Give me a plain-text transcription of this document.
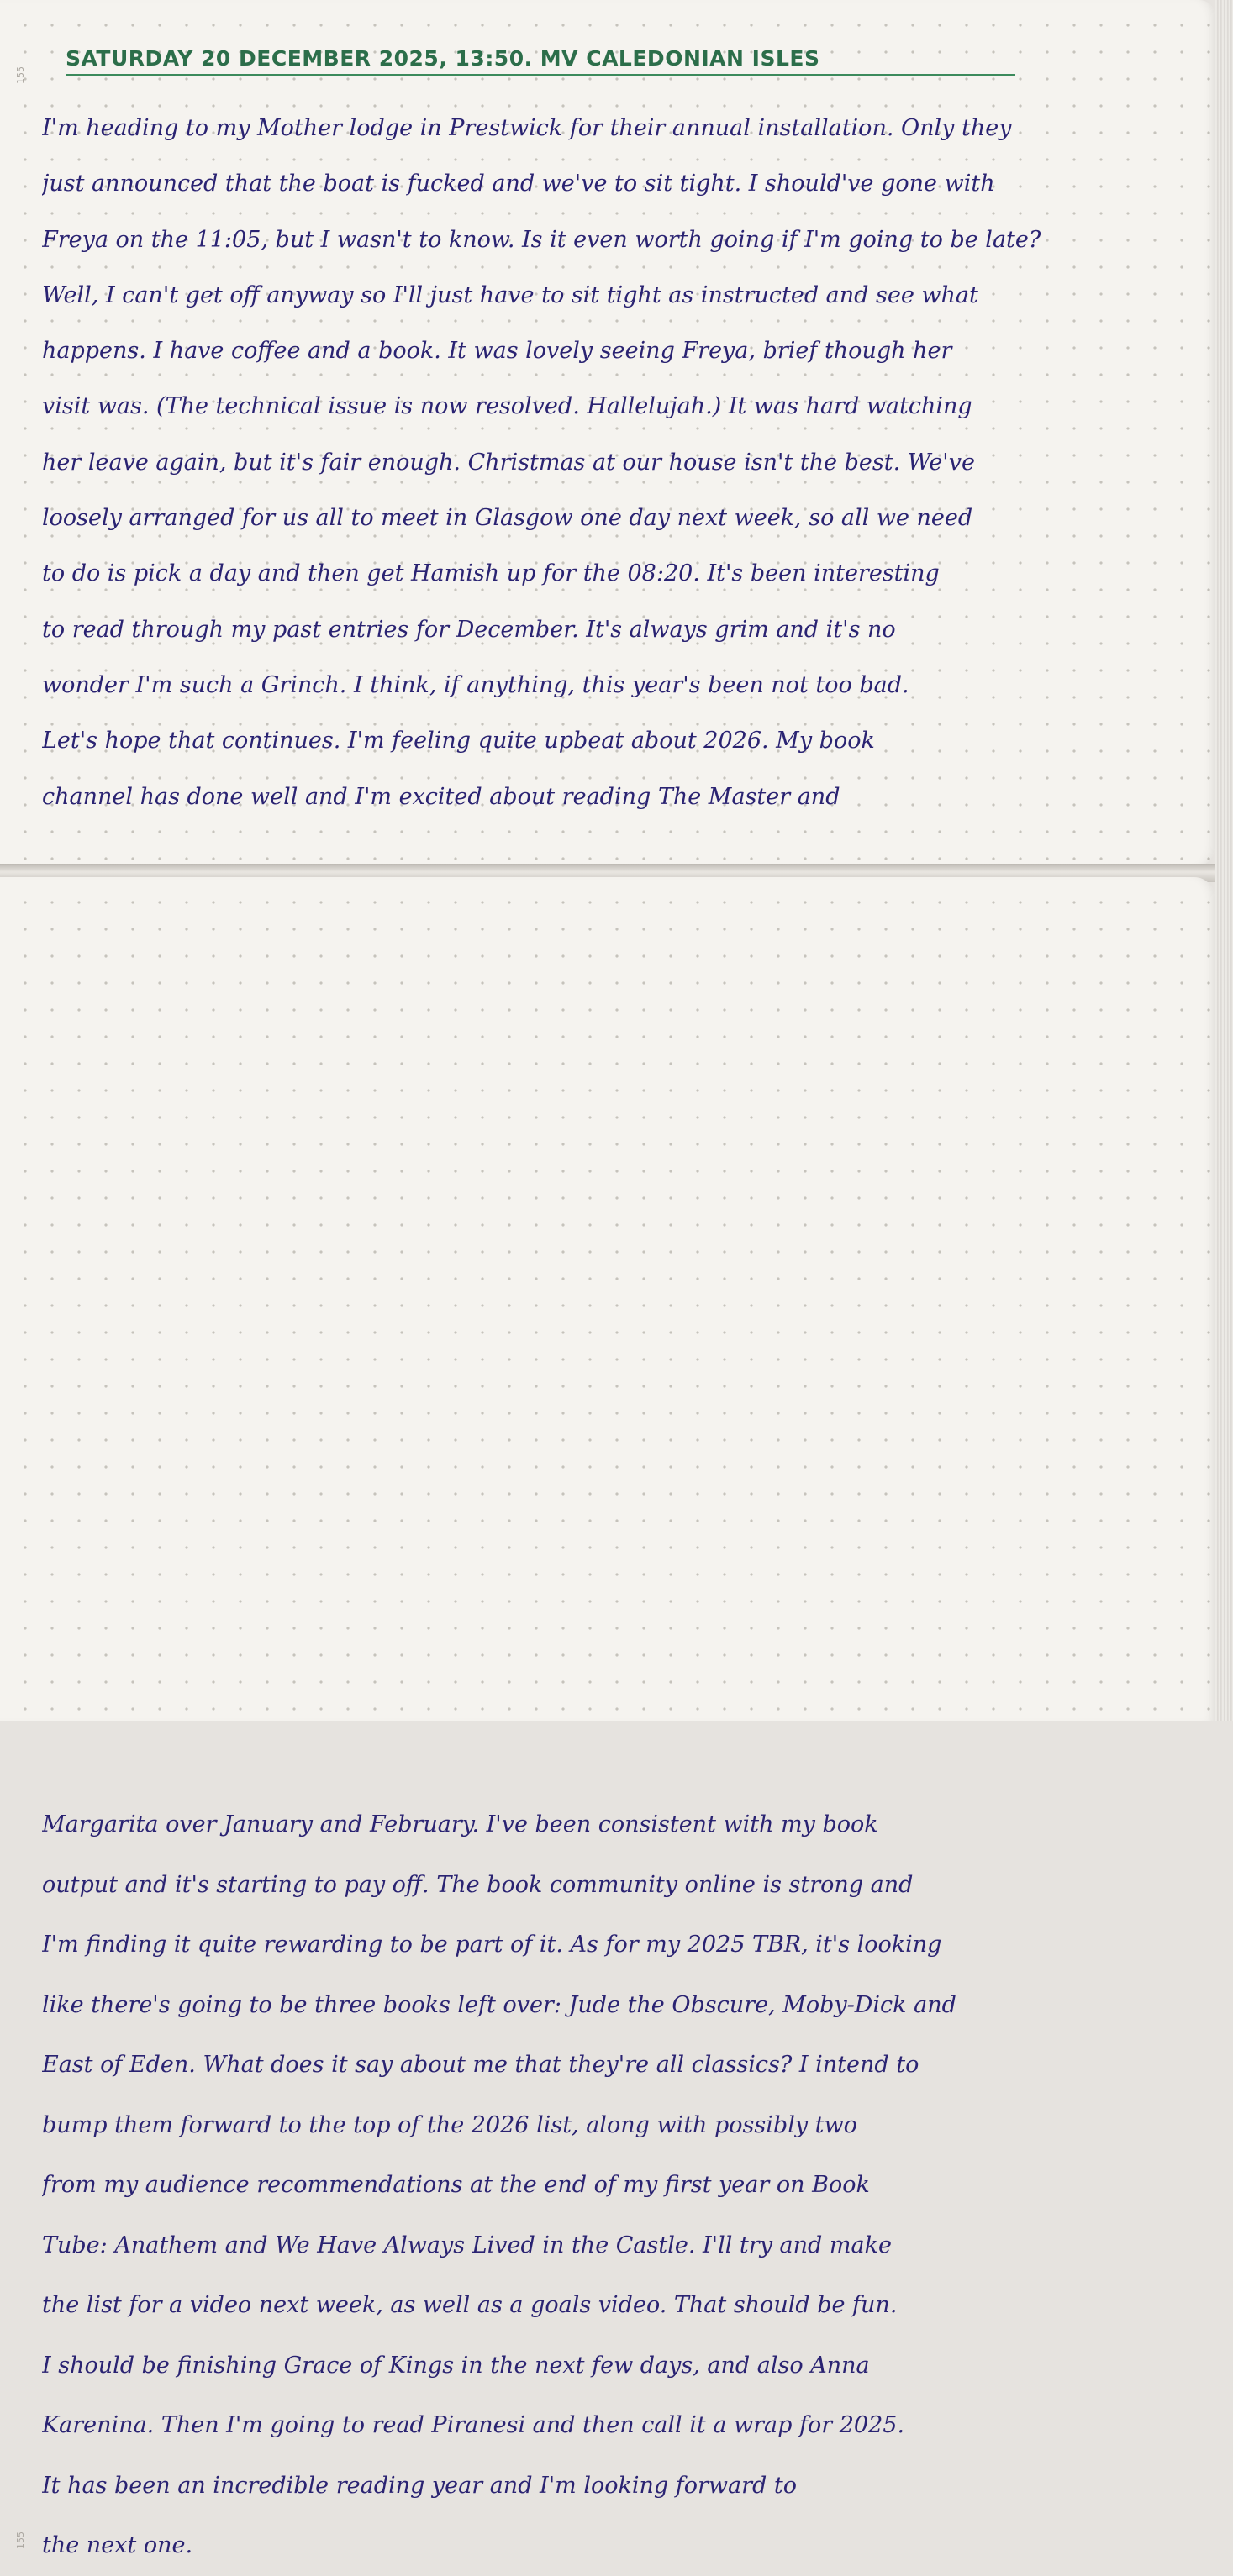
155
SATURDAY 20 DECEMBER 2025, 13:50. MV CALEDONIAN ISLES
I'm heading to my Mother lodge in Prestwick for their annual installation. Only they
just announced that the boat is fucked and we've to sit tight. I should've gone with
Freya on the 11:05, but I wasn't to know. Is it even worth going if I'm going to be late?
Well, I can't get off anyway so I'll just have to sit tight as instructed and see what
happens. I have coffee and a book. It was lovely seeing Freya, brief though her
visit was. (The technical issue is now resolved. Hallelujah.) It was hard watching
her leave again, but it's fair enough. Christmas at our house isn't the best. We've
loosely arranged for us all to meet in Glasgow one day next week, so all we need
to do is pick a day and then get Hamish up for the 08:20. It's been interesting
to read through my past entries for December. It's always grim and it's no
wonder I'm such a Grinch. I think, if anything, this year's been not too bad.
Let's hope that continues. I'm feeling quite upbeat about 2026. My book
channel has done well and I'm excited about reading The Master and
155
Margarita over January and February. I've been consistent with my book
output and it's starting to pay off. The book community online is strong and
I'm finding it quite rewarding to be part of it. As for my 2025 TBR, it's looking
like there's going to be three books left over: Jude the Obscure, Moby-Dick and
East of Eden. What does it say about me that they're all classics? I intend to
bump them forward to the top of the 2026 list, along with possibly two
from my audience recommendations at the end of my first year on Book
Tube: Anathem and We Have Always Lived in the Castle. I'll try and make
the list for a video next week, as well as a goals video. That should be fun.
I should be finishing Grace of Kings in the next few days, and also Anna
Karenina. Then I'm going to read Piranesi and then call it a wrap for 2025.
It has been an incredible reading year and I'm looking forward to
the next one.
